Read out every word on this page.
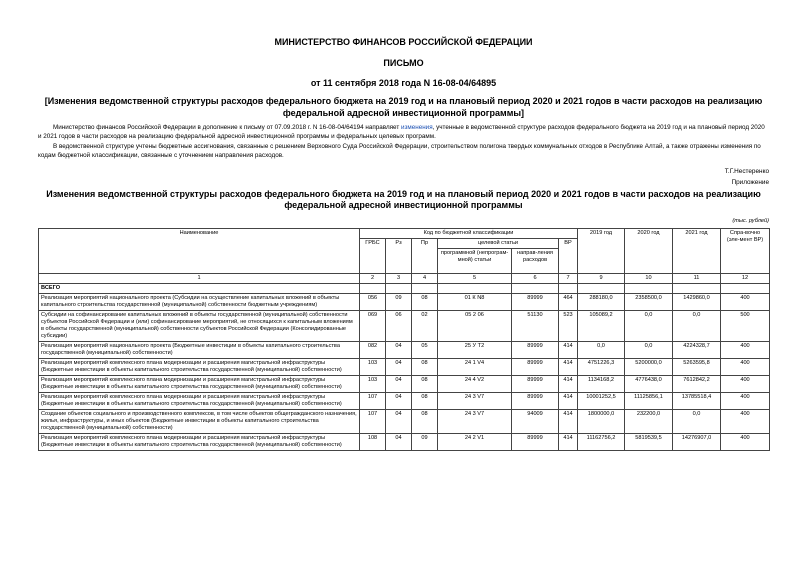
МИНИСТЕРСТВО ФИНАНСОВ РОССИЙСКОЙ ФЕДЕРАЦИИ
ПИСЬМО
от 11 сентября 2018 года N 16-08-04/64895
[Изменения ведомственной структуры расходов федерального бюджета на 2019 год и на плановый период 2020 и 2021 годов в части расходов на реализацию федеральной адресной инвестиционной программы]
Министерство финансов Российской Федерации в дополнение к письму от 07.09.2018 г. N 16-08-04/64194 направляет изменения, учтенные в ведомственной структуре расходов федерального бюджета на 2019 год и на плановый период 2020 и 2021 годов в части расходов на реализацию федеральной адресной инвестиционной программы и федеральных целевых программ.
В ведомственной структуре учтены бюджетные ассигнования, связанные с решением Верховного Суда Российской Федерации, строительством полигона твердых коммунальных отходов в Республике Алтай, а также отражены изменения по кодам бюджетной классификации, связанные с уточнением направления расходов.
Т.Г.Нестеренко
Приложение
Изменения ведомственной структуры расходов федерального бюджета на 2019 год и на плановый период 2020 и 2021 годов в части расходов на реализацию федеральной адресной инвестиционной программы
(тыс. рублей)
Наименование	Код по бюджетной классификации						2019 год	2020 год	2021 год	Спра-вочно (эле-мент ВР)
	ГРБС	Рз	Пр	целевой статьи		ВР				
				программной (непрограм-мной) статьи	направ-ления расходов					
1	2	3	4	5	6	7	9	10	11	12
ВСЕГО										
Реализация мероприятий национального проекта (Субсидии на осуществление капитальных вложений в объекты капитального строительства государственной (муниципальной) собственности бюджетным учреждениям)	056	09	08	01 К N8	89999	464	288180,0	2358500,0	1429860,0	400
Субсидии на софинансирование капитальных вложений в объекты государственной (муниципальной) собственности субъектов Российской Федерации и (или) софинансирование мероприятий, не относящихся к капитальным вложениям в объекты государственной (муниципальной) собственности субъектов Российской Федерации (Консолидированные субсидии)	069	06	02	05 2 06	51130	523	105089,2	0,0	0,0	500
Реализация мероприятий национального проекта (Бюджетные инвестиции в объекты капитального строительства государственной (муниципальной) собственности)	082	04	05	25 У Т2	89999	414	0,0	0,0	4224328,7	400
Реализация мероприятий комплексного плана модернизации и расширения магистральной инфраструктуры (Бюджетные инвестиции в объекты капитального строительства государственной (муниципальной) собственности)	103	04	08	24 1 V4	89999	414	4751226,3	5200000,0	5263595,8	400
Реализация мероприятий комплексного плана модернизации и расширения магистральной инфраструктуры (Бюджетные инвестиции в объекты капитального строительства государственной (муниципальной) собственности)	103	04	08	24 4 V2	89999	414	1134168,2	4776438,0	7612842,2	400
Реализация мероприятий комплексного плана модернизации и расширения магистральной инфраструктуры (Бюджетные инвестиции в объекты капитального строительства государственной (муниципальной) собственности)	107	04	08	24 3 V7	89999	414	10001252,5	11125856,1	13785518,4	400
Создание объектов социального и производственного комплексов, в том числе объектов общегражданского назначения, жилья, инфраструктуры, и иных объектов (Бюджетные инвестиции в объекты капитального строительства государственной (муниципальной) собственности)	107	04	08	24 3 V7	94009	414	1800000,0	232200,0	0,0	400
Реализация мероприятий комплексного плана модернизации и расширения магистральной инфраструктуры (Бюджетные инвестиции в объекты капитального строительства государственной (муниципальной) собственности)	108	04	09	24 2 V1	89999	414	11162756,2	5819539,5	14276907,0	400
